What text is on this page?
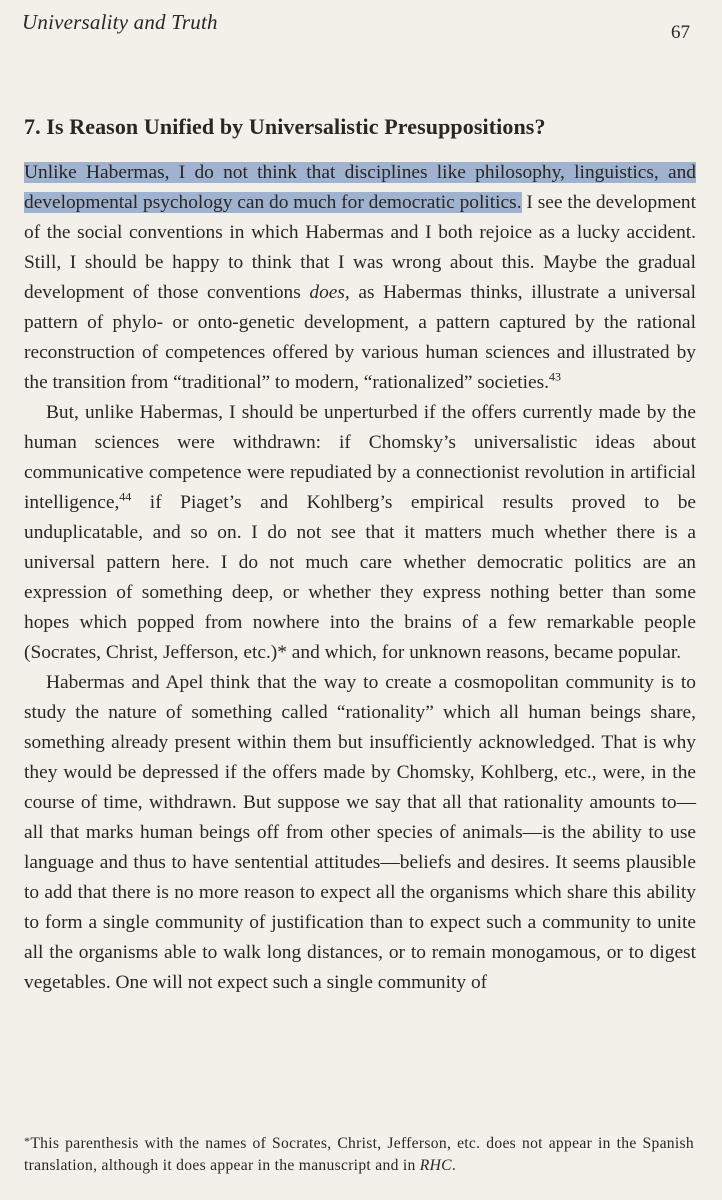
Universality and Truth	67
7. Is Reason Unified by Universalistic Presuppositions?

Unlike Habermas, I do not think that disciplines like philosophy, linguistics, and developmental psychology can do much for democratic politics. I see the development of the social conventions in which Habermas and I both rejoice as a lucky accident. Still, I should be happy to think that I was wrong about this. Maybe the gradual development of those conventions does, as Habermas thinks, illustrate a universal pattern of phylo- or onto-genetic development, a pattern captured by the rational reconstruction of competences offered by various human sciences and illustrated by the transition from “traditional” to modern, “rationalized” societies.$^{43}$

But, unlike Habermas, I should be unperturbed if the offers currently made by the human sciences were withdrawn: if Chomsky’s universalistic ideas about communicative competence were repudiated by a connectionist revolution in artificial intelligence,$^{44}$ if Piaget’s and Kohlberg’s empirical results proved to be unduplicatable, and so on. I do not see that it matters much whether there is a universal pattern here. I do not much care whether democratic politics are an expression of something deep, or whether they express nothing better than some hopes which popped from nowhere into the brains of a few remarkable people (Socrates, Christ, Jefferson, etc.)* and which, for unknown reasons, became popular.

Habermas and Apel think that the way to create a cosmopolitan community is to study the nature of something called “rationality” which all human beings share, something already present within them but insufficiently acknowledged. That is why they would be depressed if the offers made by Chomsky, Kohlberg, etc., were, in the course of time, withdrawn. But suppose we say that all that rationality amounts to—all that marks human beings off from other species of animals—is the ability to use language and thus to have sentential attitudes—beliefs and desires. It seems plausible to add that there is no more reason to expect all the organisms which share this ability to form a single community of justification than to expect such a community to unite all the organisms able to walk long distances, or to remain monogamous, or to digest vegetables. One will not expect such a single community of

*This parenthesis with the names of Socrates, Christ, Jefferson, etc. does not appear in the Spanish translation, although it does appear in the manuscript and in RHC.
